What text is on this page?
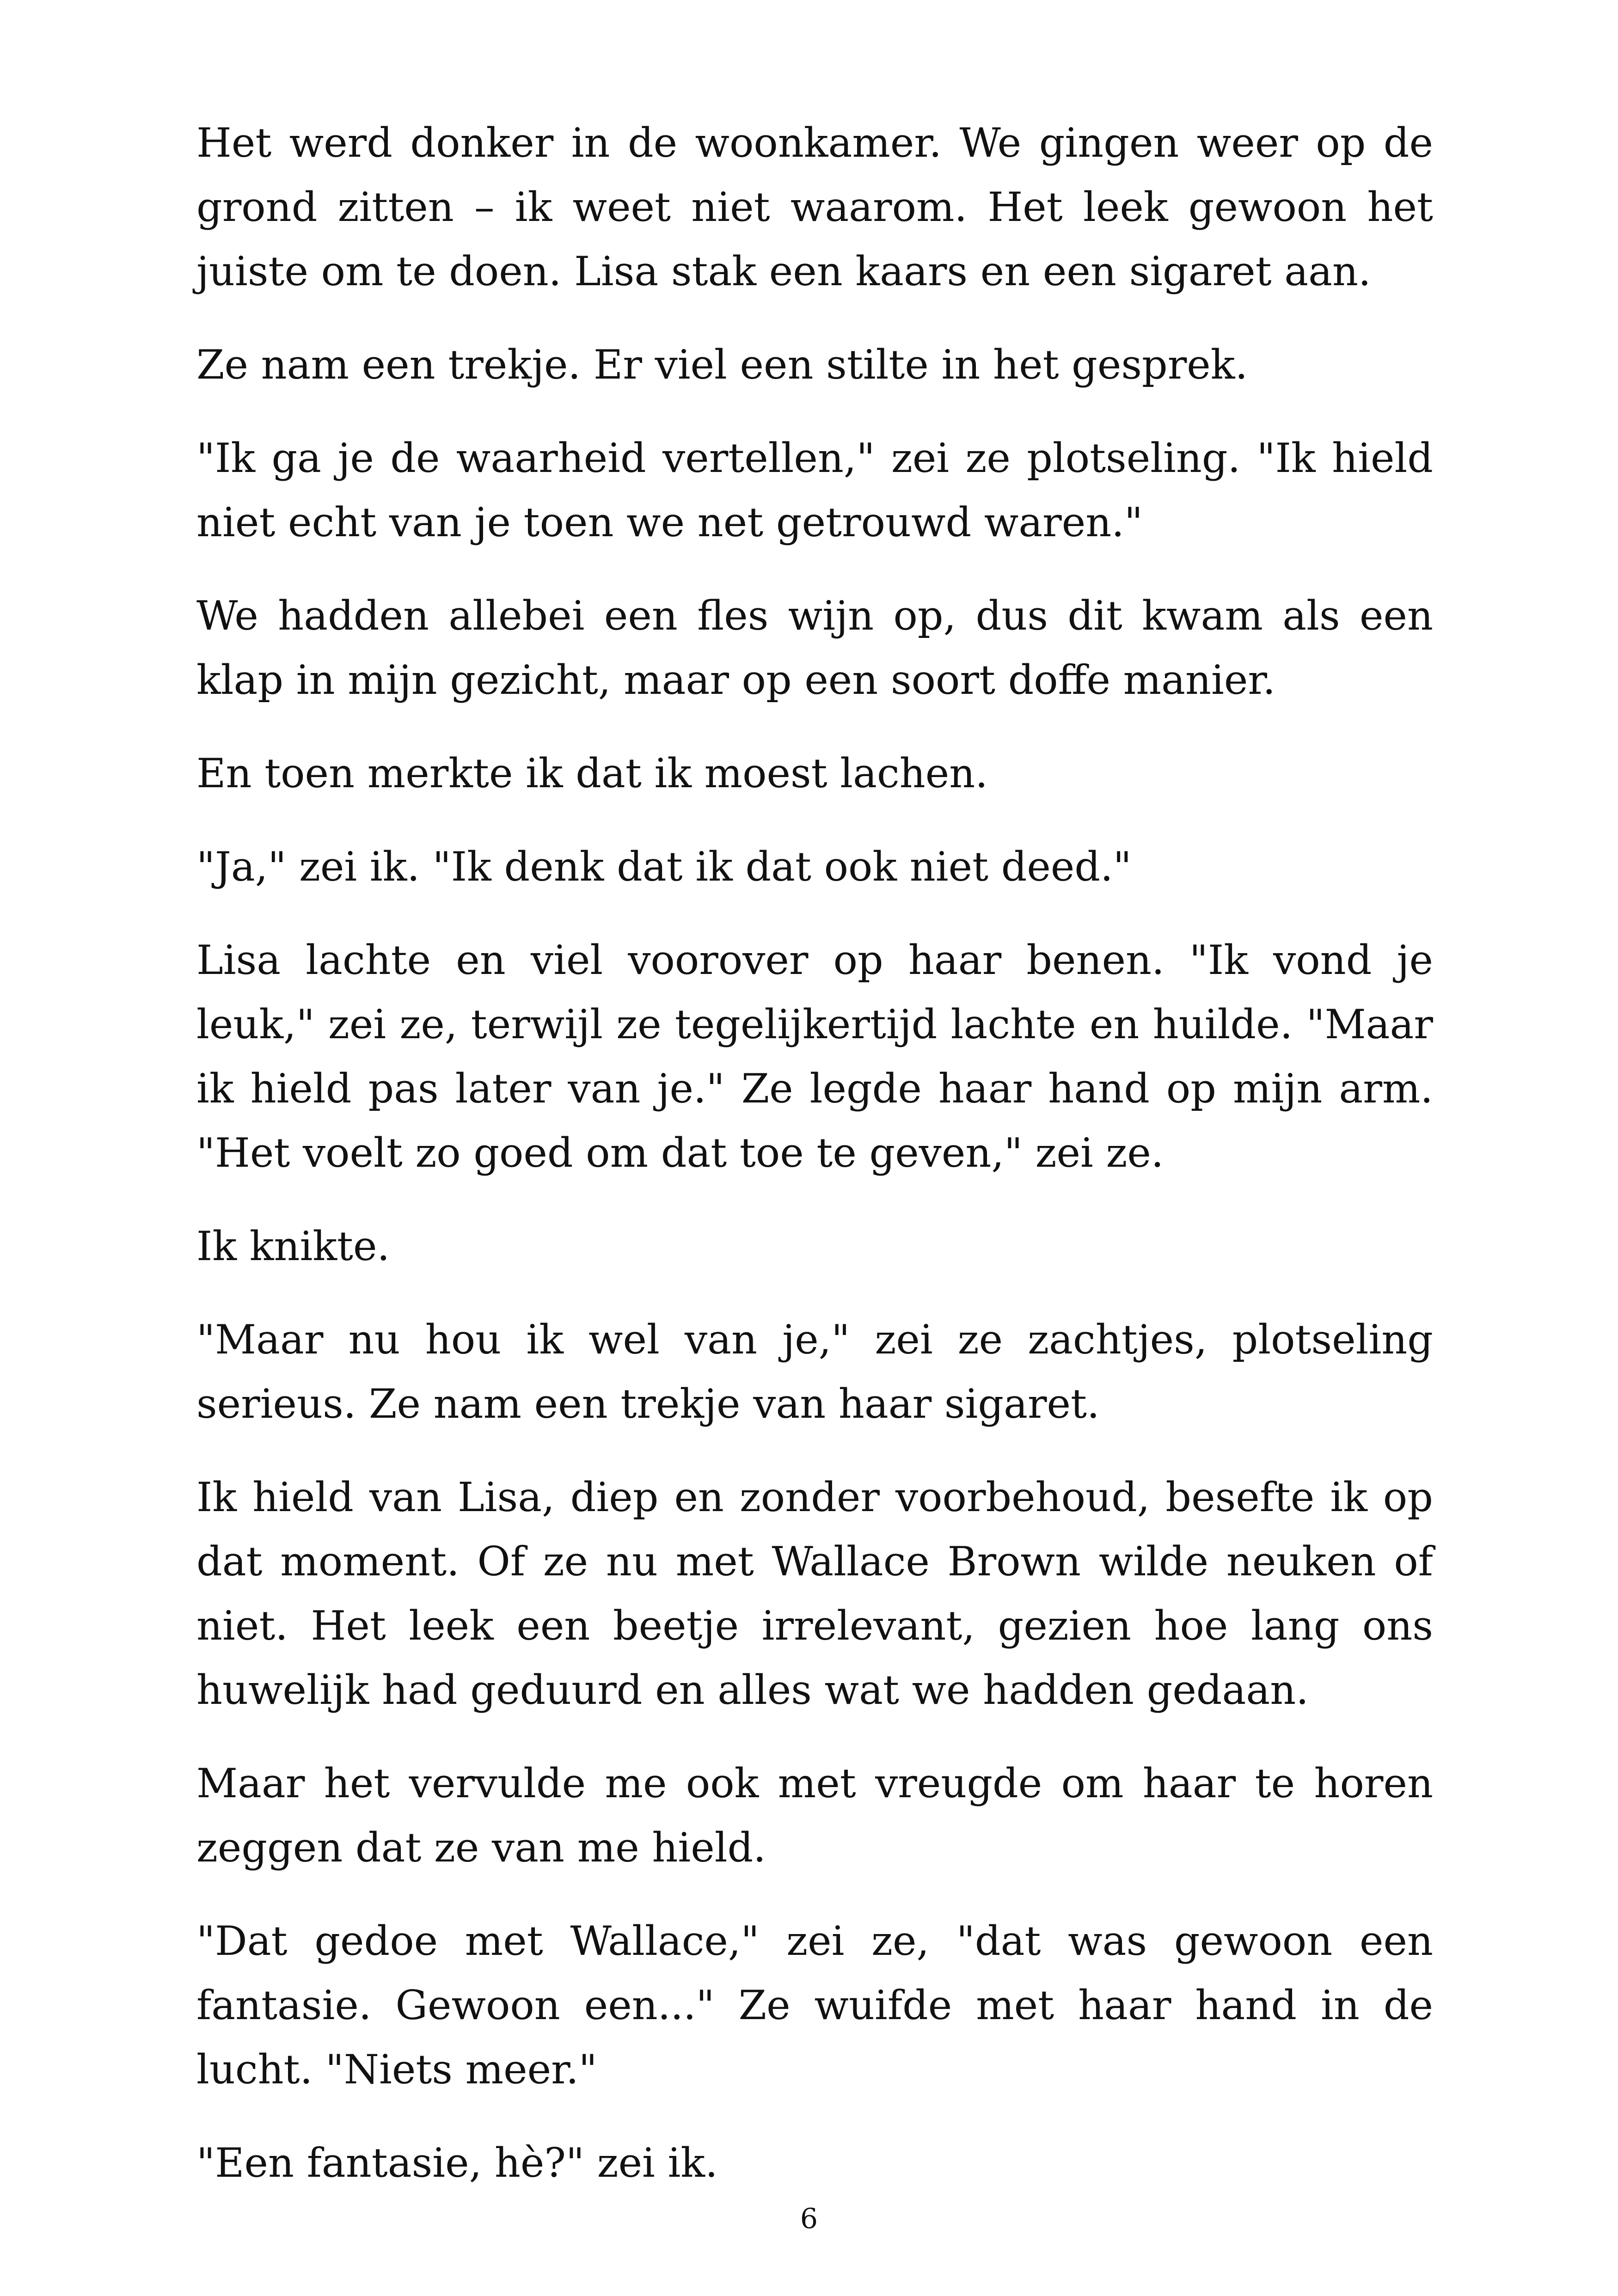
Het werd donker in de woonkamer. We gingen weer op de grond zitten – ik weet niet waarom. Het leek gewoon het juiste om te doen. Lisa stak een kaars en een sigaret aan.

Ze nam een trekje. Er viel een stilte in het gesprek.

"Ik ga je de waarheid vertellen," zei ze plotseling. "Ik hield niet echt van je toen we net getrouwd waren."

We hadden allebei een fles wijn op, dus dit kwam als een klap in mijn gezicht, maar op een soort doffe manier.

En toen merkte ik dat ik moest lachen.

"Ja," zei ik. "Ik denk dat ik dat ook niet deed."

Lisa lachte en viel voorover op haar benen. "Ik vond je leuk," zei ze, terwijl ze tegelijkertijd lachte en huilde. "Maar ik hield pas later van je." Ze legde haar hand op mijn arm. "Het voelt zo goed om dat toe te geven," zei ze.

Ik knikte.

"Maar nu hou ik wel van je," zei ze zachtjes, plotseling serieus. Ze nam een trekje van haar sigaret.

Ik hield van Lisa, diep en zonder voorbehoud, besefte ik op dat moment. Of ze nu met Wallace Brown wilde neuken of niet. Het leek een beetje irrelevant, gezien hoe lang ons huwelijk had geduurd en alles wat we hadden gedaan.

Maar het vervulde me ook met vreugde om haar te horen zeggen dat ze van me hield.

"Dat gedoe met Wallace," zei ze, "dat was gewoon een fantasie. Gewoon een..." Ze wuifde met haar hand in de lucht. "Niets meer."

"Een fantasie, hè?" zei ik.

6
